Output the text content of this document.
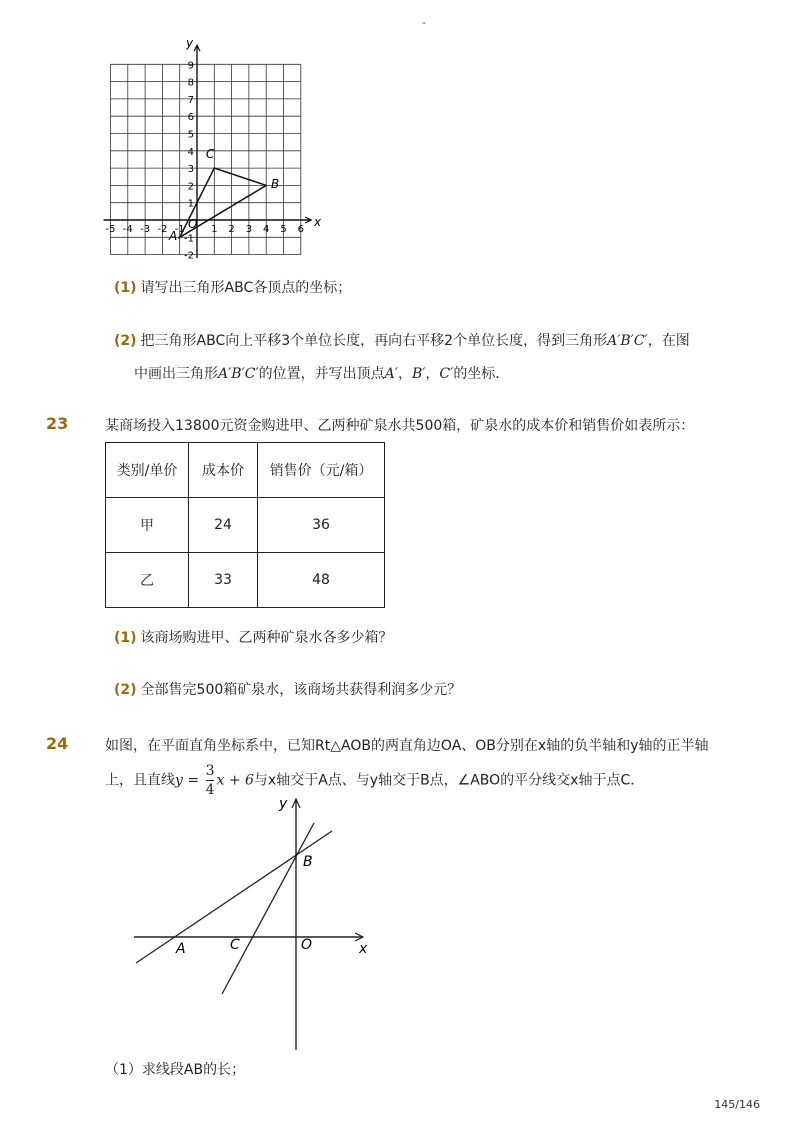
-
-5 -4 -3 -2 -1	1 2 3 4 5 6
1
2
3
4
5
6
7
8
9
-1
-2
x
y
O
A
B
C
(1) 请写出三角形ABC各顶点的坐标；
(2) 把三角形ABC向上平移3个单位长度，再向右平移2个单位长度，得到三角形A′B′C′，在图
中画出三角形A′B′C′的位置，并写出顶点A′，B′，C′的坐标．
23	某商场投入13800元资金购进甲、乙两种矿泉水共500箱，矿泉水的成本价和销售价如表所示：
类别/单价	成本价	销售价（元/箱）
甲	24	36
乙	33	48
(1) 该商场购进甲、乙两种矿泉水各多少箱？
(2) 全部售完500箱矿泉水，该商场共获得利润多少元？
24	如图，在平面直角坐标系中，已知Rt△AOB的两直角边OA、OB分别在x轴的负半轴和y轴的正半轴
上，且直线$y = \frac{3}{4}$ x + 6与x轴交于A点、与y轴交于B点，∠ABO的平分线交x轴于点C．
x
y
B
A	C	O
（1）求线段AB的长；
145/146
